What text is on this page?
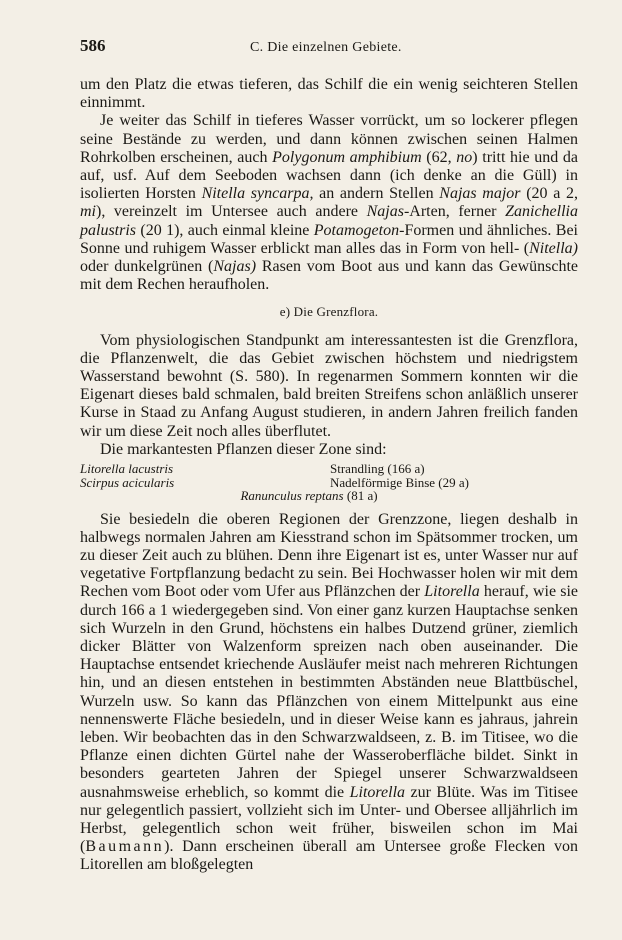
586	C. Die einzelnen Gebiete.

um den Platz die etwas tieferen, das Schilf die ein wenig seichteren Stellen einnimmt.

Je weiter das Schilf in tieferes Wasser vorrückt, um so lockerer pflegen seine Bestände zu werden, und dann können zwischen seinen Halmen Rohrkolben erscheinen, auch Polygonum amphibium (62, no) tritt hie und da auf, usf. Auf dem Seeboden wachsen dann (ich denke an die Güll) in isolierten Horsten Nitella syncarpa, an andern Stellen Najas major (20 a 2, mi), vereinzelt im Untersee auch andere Najas-Arten, ferner Zanichellia palustris (20 1), auch einmal kleine Potamogeton-Formen und ähnliches. Bei Sonne und ruhigem Wasser erblickt man alles das in Form von hell- (Nitella) oder dunkelgrünen (Najas) Rasen vom Boot aus und kann das Gewünschte mit dem Rechen heraufholen.

e) Die Grenzflora.

Vom physiologischen Standpunkt am interessantesten ist die Grenzflora, die Pflanzenwelt, die das Gebiet zwischen höchstem und niedrigstem Wasserstand bewohnt (S. 580). In regenarmen Sommern konnten wir die Eigenart dieses bald schmalen, bald breiten Streifens schon anläßlich unserer Kurse in Staad zu Anfang August studieren, in andern Jahren freilich fanden wir um diese Zeit noch alles überflutet.

Die markantesten Pflanzen dieser Zone sind:

Litorella lacustris	Strandling (166 a)
Scirpus acicularis	Nadelförmige Binse (29 a)
Ranunculus reptans (81 a)

Sie besiedeln die oberen Regionen der Grenzzone, liegen deshalb in halbwegs normalen Jahren am Kiesstrand schon im Spätsommer trocken, um zu dieser Zeit auch zu blühen. Denn ihre Eigenart ist es, unter Wasser nur auf vegetative Fortpflanzung bedacht zu sein. Bei Hochwasser holen wir mit dem Rechen vom Boot oder vom Ufer aus Pflänzchen der Litorella herauf, wie sie durch 166 a 1 wiedergegeben sind. Von einer ganz kurzen Hauptachse senken sich Wurzeln in den Grund, höchstens ein halbes Dutzend grüner, ziemlich dicker Blätter von Walzenform spreizen nach oben auseinander. Die Hauptachse entsendet kriechende Ausläufer meist nach mehreren Richtungen hin, und an diesen entstehen in bestimmten Abständen neue Blattbüschel, Wurzeln usw. So kann das Pflänzchen von einem Mittelpunkt aus eine nennenswerte Fläche besiedeln, und in dieser Weise kann es jahraus, jahrein leben. Wir beobachten das in den Schwarzwaldseen, z. B. im Titisee, wo die Pflanze einen dichten Gürtel nahe der Wasseroberfläche bildet. Sinkt in besonders gearteten Jahren der Spiegel unserer Schwarzwaldseen ausnahmsweise erheblich, so kommt die Litorella zur Blüte. Was im Titisee nur gelegentlich passiert, vollzieht sich im Unter- und Obersee alljährlich im Herbst, gelegentlich schon weit früher, bisweilen schon im Mai (Baumann). Dann erscheinen überall am Untersee große Flecken von Litorellen am bloßgelegten
